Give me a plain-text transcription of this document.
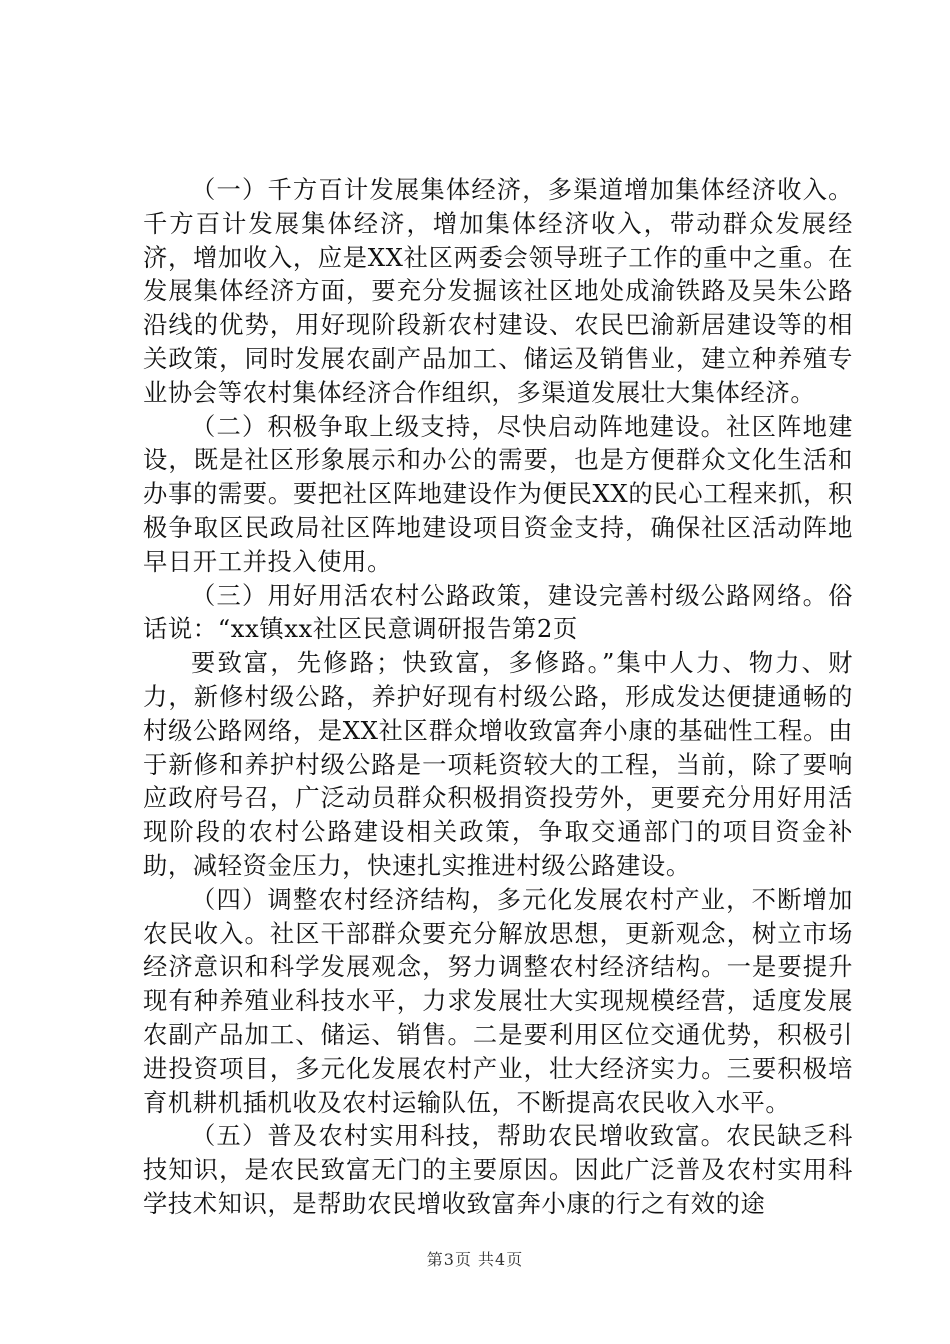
（一）千方百计发展集体经济，多渠道增加集体经济收入。千方百计发展集体经济，增加集体经济收入，带动群众发展经济，增加收入，应是XX社区两委会领导班子工作的重中之重。在发展集体经济方面，要充分发掘该社区地处成渝铁路及吴朱公路沿线的优势，用好现阶段新农村建设、农民巴渝新居建设等的相关政策，同时发展农副产品加工、储运及销售业，建立种养殖专业协会等农村集体经济合作组织，多渠道发展壮大集体经济。

（二）积极争取上级支持，尽快启动阵地建设。社区阵地建设，既是社区形象展示和办公的需要，也是方便群众文化生活和办事的需要。要把社区阵地建设作为便民XX的民心工程来抓，积极争取区民政局社区阵地建设项目资金支持，确保社区活动阵地早日开工并投入使用。

（三）用好用活农村公路政策，建设完善村级公路网络。俗话说：“xx镇xx社区民意调研报告第2页

要致富，先修路；快致富，多修路。”集中人力、物力、财力，新修村级公路，养护好现有村级公路，形成发达便捷通畅的村级公路网络，是XX社区群众增收致富奔小康的基础性工程。由于新修和养护村级公路是一项耗资较大的工程，当前，除了要响应政府号召，广泛动员群众积极捐资投劳外，更要充分用好用活现阶段的农村公路建设相关政策，争取交通部门的项目资金补助，减轻资金压力，快速扎实推进村级公路建设。

（四）调整农村经济结构，多元化发展农村产业，不断增加农民收入。社区干部群众要充分解放思想，更新观念，树立市场经济意识和科学发展观念，努力调整农村经济结构。一是要提升现有种养殖业科技水平，力求发展壮大实现规模经营，适度发展农副产品加工、储运、销售。二是要利用区位交通优势，积极引进投资项目，多元化发展农村产业，壮大经济实力。三要积极培育机耕机插机收及农村运输队伍，不断提高农民收入水平。

（五）普及农村实用科技，帮助农民增收致富。农民缺乏科技知识，是农民致富无门的主要原因。因此广泛普及农村实用科学技术知识，是帮助农民增收致富奔小康的行之有效的途

第3页 共4页
